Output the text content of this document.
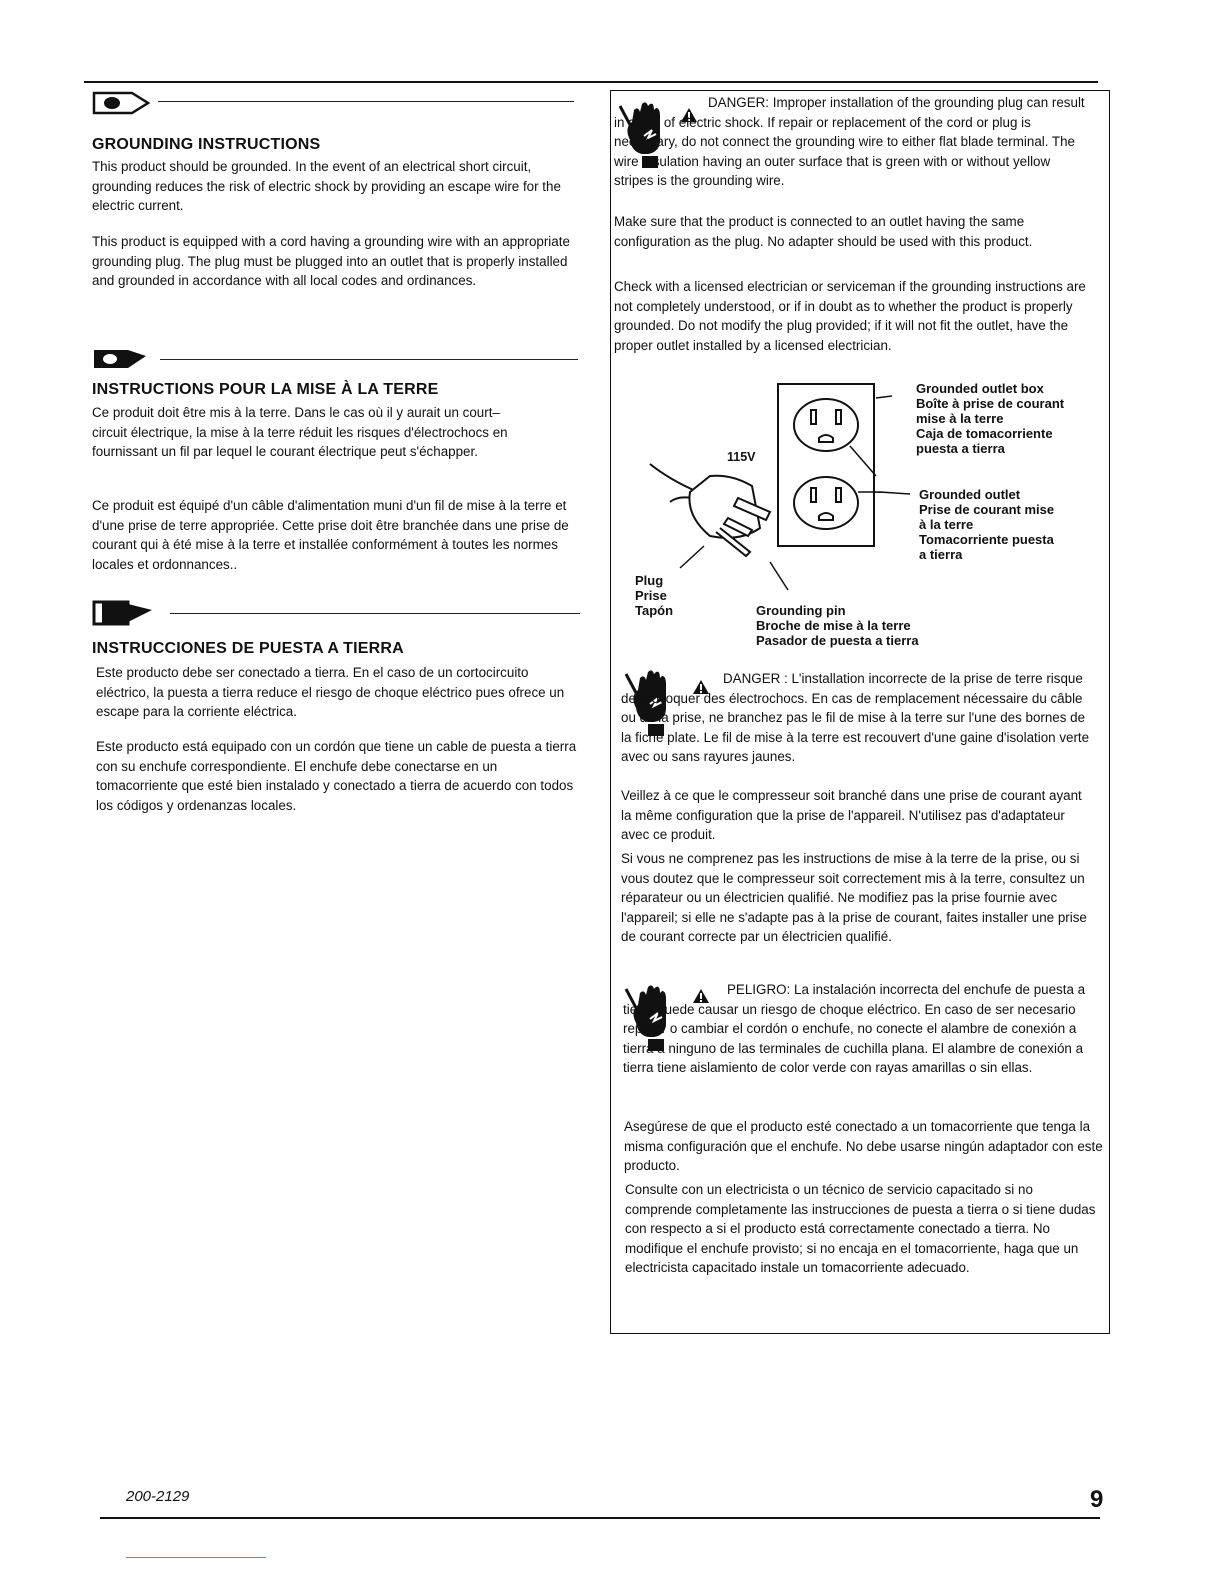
GROUNDING INSTRUCTIONS

This product should be grounded. In the event of an electrical short circuit, grounding reduces the risk of electric shock by providing an escape wire for the electric current.

This product is equipped with a cord having a grounding wire with an appropriate grounding plug. The plug must be plugged into an outlet that is properly installed and grounded in accordance with all local codes and ordinances.

INSTRUCTIONS POUR LA MISE À LA TERRE

Ce produit doit être mis à la terre. Dans le cas où il y aurait un court–circuit électrique, la mise à la terre réduit les risques d'électrochocs en fournissant un fil par lequel le courant électrique peut s'échapper.

Ce produit est équipé d'un câble d'alimentation muni d'un fil de mise à la terre et d'une prise de terre appropriée. Cette prise doit être branchée dans une prise de courant qui à été mise à la terre et installée conformément à toutes les normes locales et ordonnances..

INSTRUCCIONES DE PUESTA A TIERRA

Este producto debe ser conectado a tierra. En el caso de un cortocircuito eléctrico, la puesta a tierra reduce el riesgo de choque eléctrico pues ofrece un escape para la corriente eléctrica.

Este producto está equipado con un cordón que tiene un cable de puesta a tierra con su enchufe correspondiente. El enchufe debe conectarse en un tomacorriente que esté bien instalado y conectado a tierra de acuerdo con todos los códigos y ordenanzas locales.

DANGER: Improper installation of the grounding plug can result in a risk of electric shock. If repair or replacement of the cord or plug is necessary, do not connect the grounding wire to either flat blade terminal. The wire insulation having an outer surface that is green with or without yellow stripes is the grounding wire.

Make sure that the product is connected to an outlet having the same configuration as the plug. No adapter should be used with this product.

Check with a licensed electrician or serviceman if the grounding instructions are not completely understood, or if in doubt as to whether the product is properly grounded. Do not modify the plug provided; if it will not fit the outlet, have the proper outlet installed by a licensed electrician.

115V
Grounded outlet box
Boîte à prise de courant
mise à la terre
Caja de tomacorriente
puesta a tierra
Grounded outlet
Prise de courant mise
à la terre
Tomacorriente puesta
a tierra
Plug
Prise
Tapón	Grounding pin
Broche de mise à la terre
Pasador de puesta a tierra

DANGER : L'installation incorrecte de la prise de terre risque de provoquer des électrochocs. En cas de remplacement nécessaire du câble ou de la prise, ne branchez pas le fil de mise à la terre sur l'une des bornes de la fiche plate. Le fil de mise à la terre est recouvert d'une gaine d'isolation verte avec ou sans rayures jaunes.

Veillez à ce que le compresseur soit branché dans une prise de courant ayant la même configuration que la prise de l'appareil. N'utilisez pas d'adaptateur avec ce produit.

Si vous ne comprenez pas les instructions de mise à la terre de la prise, ou si vous doutez que le compresseur soit correctement mis à la terre, consultez un réparateur ou un électricien qualifié. Ne modifiez pas la prise fournie avec l'appareil; si elle ne s'adapte pas à la prise de courant, faites installer une prise de courant correcte par un électricien qualifié.

PELIGRO: La instalación incorrecta del enchufe de puesta a tierra puede causar un riesgo de choque eléctrico. En caso de ser necesario reparar o cambiar el cordón o enchufe, no conecte el alambre de conexión a tierra a ninguno de las terminales de cuchilla plana. El alambre de conexión a tierra tiene aislamiento de color verde con rayas amarillas o sin ellas.

Asegúrese de que el producto esté conectado a un tomacorriente que tenga la misma configuración que el enchufe. No debe usarse ningún adaptador con este producto.

Consulte con un electricista o un técnico de servicio capacitado si no comprende completamente las instrucciones de puesta a tierra o si tiene dudas con respecto a si el producto está correctamente conectado a tierra. No modifique el enchufe provisto; si no encaja en el tomacorriente, haga que un electricista capacitado instale un tomacorriente adecuado.

200-2129	9
